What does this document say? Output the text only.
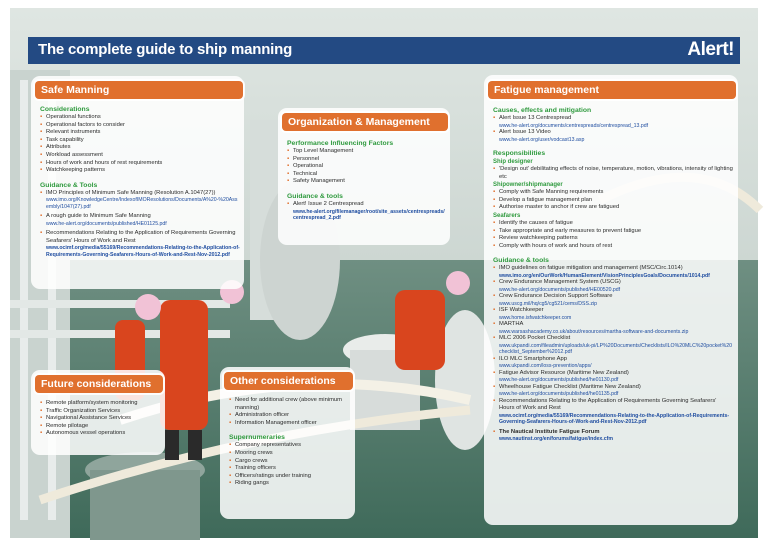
The complete guide to ship manning	Alert!
Safe Manning
Considerations
▪ Operational functions
▪ Operational factors to consider
▪ Relevant instruments
▪ Task capability
▪ Attributes
▪ Workload assessment
▪ Hours of work and hours of rest requirements
▪ Watchkeeping patterns
Guidance & Tools
▪ IMO Principles of Minimum Safe Manning (Resolution A.1047(27))
www.imo.org/KnowledgeCentre/IndexofIMOResolutions/Documents/A%20-%20Assembly/1047(27).pdf
▪ A rough guide to Minimum Safe Manning
www.he-alert.org/documents/published/HE01125.pdf
▪ Recommendations Relating to the Application of Requirements Governing Seafarers' Hours of Work and Rest
www.ocimf.org/media/55169/Recommendations-Relating-to-the-Application-of-Requirements-Governing-Seafarers-Hours-of-Work-and-Rest-Nov-2012.pdf
Organization & Management
Performance Influencing Factors
▪ Top Level Management
▪ Personnel
▪ Operational
▪ Technical
▪ Safety Management
Guidance & tools
▪ Alert! Issue 2 Centrespread
www.he-alert.org/filemanager/root/site_assets/centrespreads/centrespread_2.pdf
Fatigue management
Causes, effects and mitigation
▪ Alert Issue 13 Centrespread
www.he-alert.org/documents/centrespreads/centrespread_13.pdf
▪ Alert Issue 13 Video
www.he-alert.org/user/vodcast13.asp
Responsibilities
Ship designer
▪ 'Design out' debilitating effects of noise, temperature, motion, vibrations, intensity of lighting etc
Shipowner/shipmanager
▪ Comply with Safe Manning requirements
▪ Develop a fatigue management plan
▪ Authorise master to anchor if crew are fatigued
Seafarers
▪ Identify the causes of fatigue
▪ Take appropriate and early measures to prevent fatigue
▪ Review watchkeeping patterns
▪ Comply with hours of work and hours of rest
Guidance & tools
▪ IMO guidelines on fatigue mitigation and management (MSC/Circ.1014)
www.imo.org/en/OurWork/HumanElement/VisionPrinciplesGoals/Documents/1014.pdf
▪ Crew Endurance Management System (USCG)
www.he-alert.org/documents/published/HE00520.pdf
▪ Crew Endurance Decision Support Software
www.uscg.mil/hq/cg5/cg521/cems/DSS.zip
▪ ISF Watchkeeper
www.home.isfwatchkeeper.com
▪ MARTHA
www.warsashacademy.co.uk/about/resources/martha-software-and-documents.zip
▪ MLC 2006 Pocket Checklist
www.ukpandi.com/fileadmin/uploads/uk-pi/LP%20Documents/Checklists/ILO%20MLC%20pocket%20checklist_September%2012.pdf
▪ ILO MLC Smartphone App
www.ukpandi.com/loss-prevention/apps/
▪ Fatigue Advisor Resource (Maritime New Zealand)
www.he-alert.org/documents/published/he01130.pdf
▪ Wheelhouse Fatigue Checklist (Maritime New Zealand)
www.he-alert.org/documents/published/he01135.pdf
▪ Recommendations Relating to the Application of Requirements Governing Seafarers' Hours of Work and Rest
www.ocimf.org/media/55169/Recommendations-Relating-to-the-Application-of-Requirements-Governing-Seafarers-Hours-of-Work-and-Rest-Nov-2012.pdf
▪ The Nautical Institute Fatigue Forum
www.nautinst.org/en/forums/fatigue/index.cfm
Future considerations
▪ Remote platform/system monitoring
▪ Traffic Organization Services
▪ Navigational Assistance Services
▪ Remote pilotage
▪ Autonomous vessel operations
Other considerations
▪ Need for additional crew (above minimum manning)
▪ Administration officer
▪ Information Management officer
Supernumeraries
▪ Company representatives
▪ Mooring crews
▪ Cargo crews
▪ Training officers
▪ Officers/ratings under training
▪ Riding gangs
